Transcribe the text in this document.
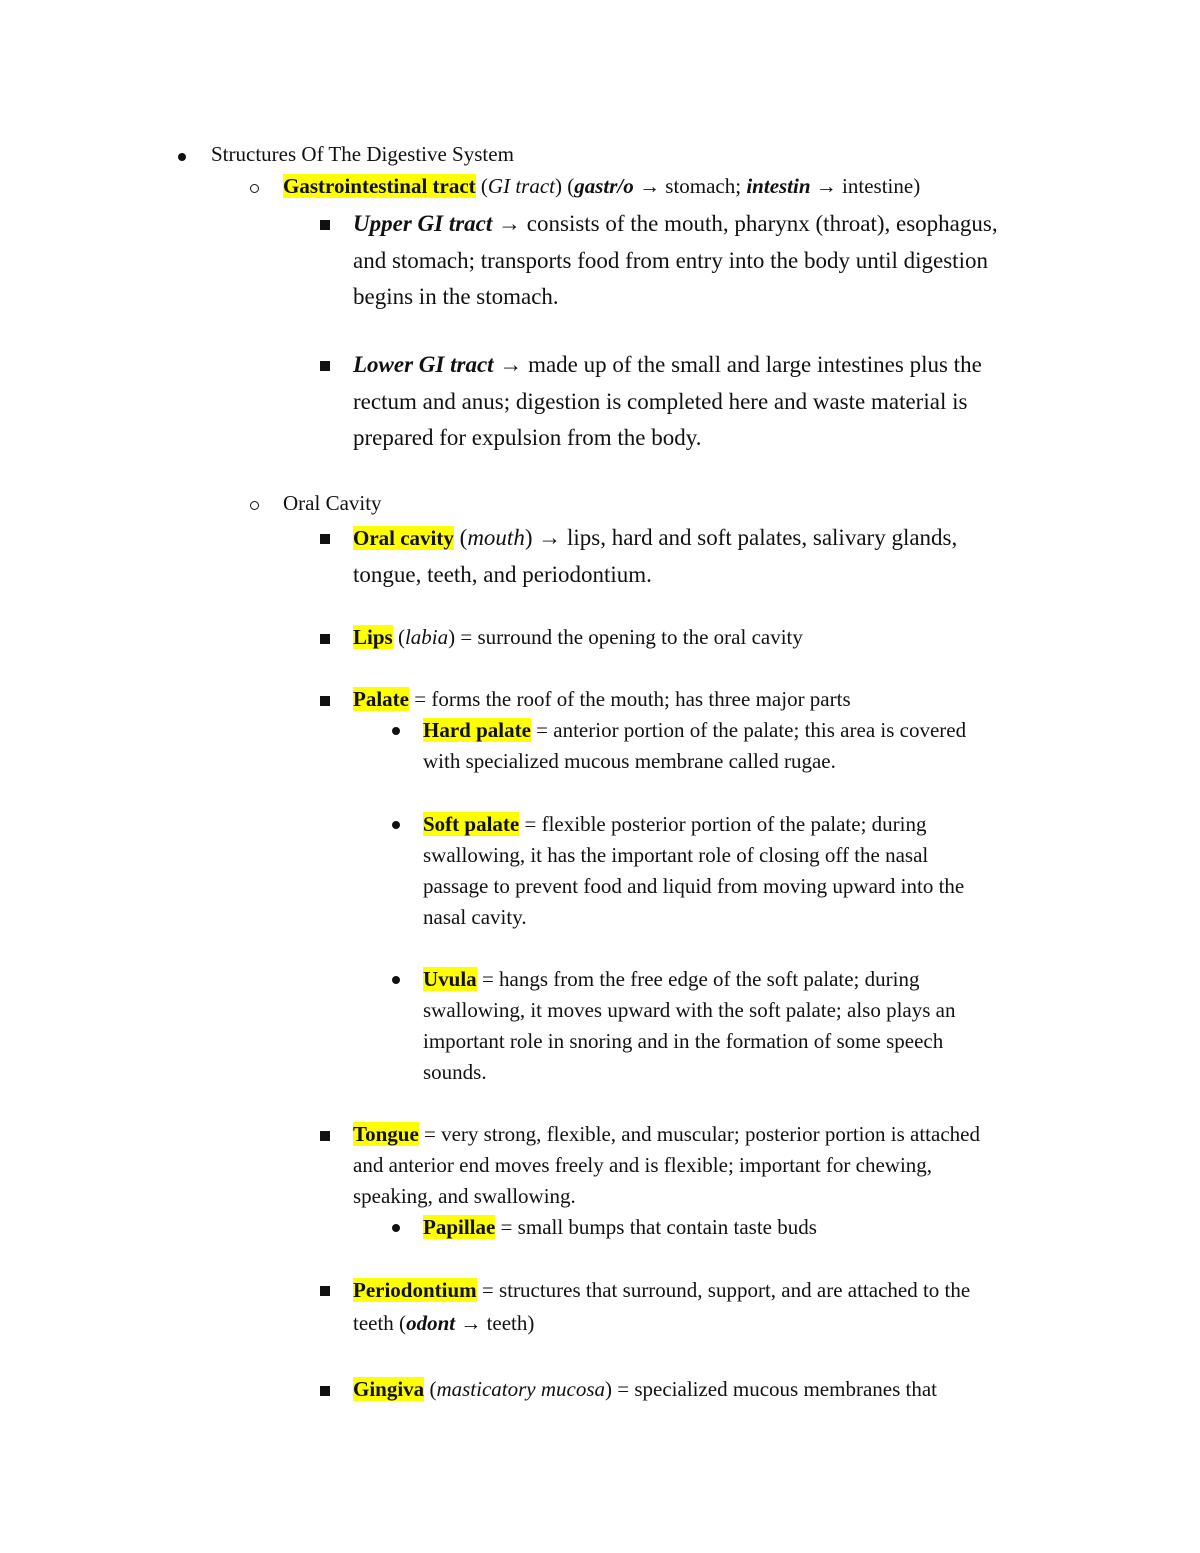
Structures Of The Digestive System
Gastrointestinal tract (GI tract) (gastr/o → stomach; intestin → intestine)
Upper GI tract → consists of the mouth, pharynx (throat), esophagus,
and stomach; transports food from entry into the body until digestion
begins in the stomach.
Lower GI tract → made up of the small and large intestines plus the
rectum and anus; digestion is completed here and waste material is
prepared for expulsion from the body.
Oral Cavity
Oral cavity (mouth) → lips, hard and soft palates, salivary glands,
tongue, teeth, and periodontium.
Lips (labia) = surround the opening to the oral cavity
Palate = forms the roof of the mouth; has three major parts
Hard palate = anterior portion of the palate; this area is covered
with specialized mucous membrane called rugae.
Soft palate = flexible posterior portion of the palate; during
swallowing, it has the important role of closing off the nasal
passage to prevent food and liquid from moving upward into the
nasal cavity.
Uvula = hangs from the free edge of the soft palate; during
swallowing, it moves upward with the soft palate; also plays an
important role in snoring and in the formation of some speech
sounds.
Tongue = very strong, flexible, and muscular; posterior portion is attached
and anterior end moves freely and is flexible; important for chewing,
speaking, and swallowing.
Papillae = small bumps that contain taste buds
Periodontium = structures that surround, support, and are attached to the
teeth (odont → teeth)
Gingiva (masticatory mucosa) = specialized mucous membranes that
